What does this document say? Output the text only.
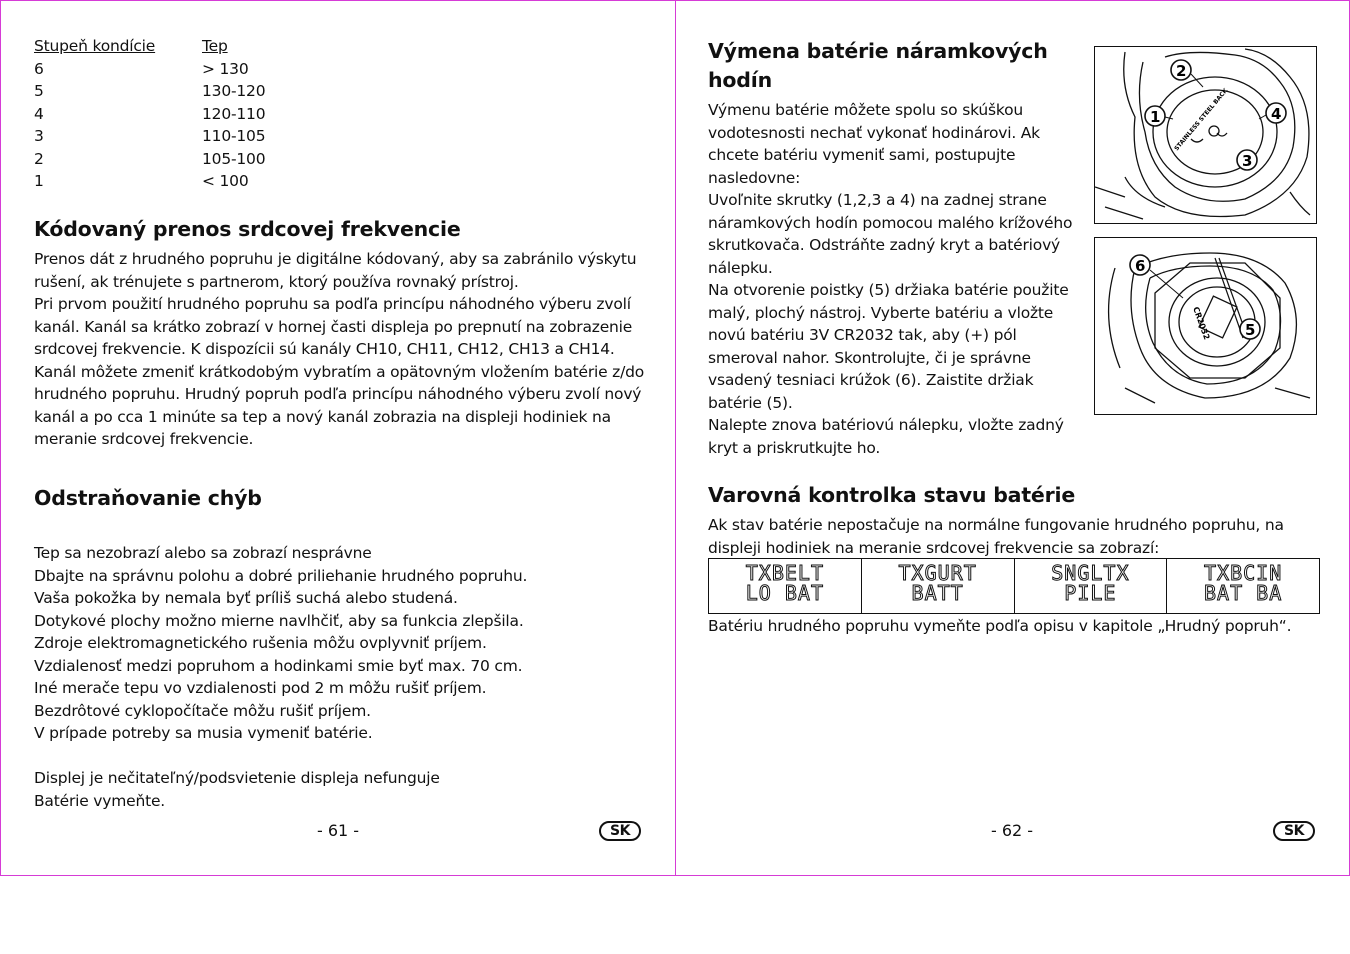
Stupeň kondície	Tep
6	> 130
5	130-120
4	120-110
3	110-105
2	105-100
1	< 100
Kódovaný prenos srdcovej frekvencie
Prenos dát z hrudného popruhu je digitálne kódovaný, aby sa zabránilo výskytu
rušení, ak trénujete s partnerom, ktorý používa rovnaký prístroj.
Pri prvom použití hrudného popruhu sa podľa princípu náhodného výberu zvolí
kanál. Kanál sa krátko zobrazí v hornej časti displeja po prepnutí na zobrazenie
srdcovej frekvencie. K dispozícii sú kanály CH10, CH11, CH12, CH13 a CH14.
Kanál môžete zmeniť krátkodobým vybratím a opätovným vložením batérie z/do
hrudného popruhu. Hrudný popruh podľa princípu náhodného výberu zvolí nový
kanál a po cca 1 minúte sa tep a nový kanál zobrazia na displeji hodiniek na
meranie srdcovej frekvencie.
Odstraňovanie chýb
Tep sa nezobrazí alebo sa zobrazí nesprávne
Dbajte na správnu polohu a dobré priliehanie hrudného popruhu.
Vaša pokožka by nemala byť príliš suchá alebo studená.
Dotykové plochy možno mierne navlhčiť, aby sa funkcia zlepšila.
Zdroje elektromagnetického rušenia môžu ovplyvniť príjem.
Vzdialenosť medzi popruhom a hodinkami smie byť max. 70 cm.
Iné merače tepu vo vzdialenosti pod 2 m môžu rušiť príjem.
Bezdrôtové cyklopočítače môžu rušiť príjem.
V prípade potreby sa musia vymeniť batérie.
Displej je nečitateľný/podsvietenie displeja nefunguje
Batérie vymeňte.
- 61 -	SK
Výmena batérie náramkových
hodín
Výmenu batérie môžete spolu so skúškou
vodotesnosti nechať vykonať hodinárovi. Ak
chcete batériu vymeniť sami, postupujte
nasledovne:
Uvoľnite skrutky (1,2,3 a 4) na zadnej strane
náramkových hodín pomocou malého krížového
skrutkovača. Odstráňte zadný kryt a batériový
nálepku.
Na otvorenie poistky (5) držiaka batérie použite
malý, plochý nástroj. Vyberte batériu a vložte
novú batériu 3V CR2032 tak, aby (+) pól
smeroval nahor. Skontrolujte, či je správne
vsadený tesniaci krúžok (6). Zaistite držiak
batérie (5).
Nalepte znova batériovú nálepku, vložte zadný
kryt a priskrutkujte ho.
2
1	4
3
STAINLESS STEEL BACK
6
5
CR2032
Varovná kontrolka stavu batérie
Ak stav batérie nepostačuje na normálne fungovanie hrudného popruhu, na
displeji hodiniek na meranie srdcovej frekvencie sa zobrazí:
TXBELT
LO BAT
TXGURT
BATT
SNGLTX
PILE
TXBCIN
BAT BA
Batériu hrudného popruhu vymeňte podľa opisu v kapitole „Hrudný popruh“.
- 62 -	SK
